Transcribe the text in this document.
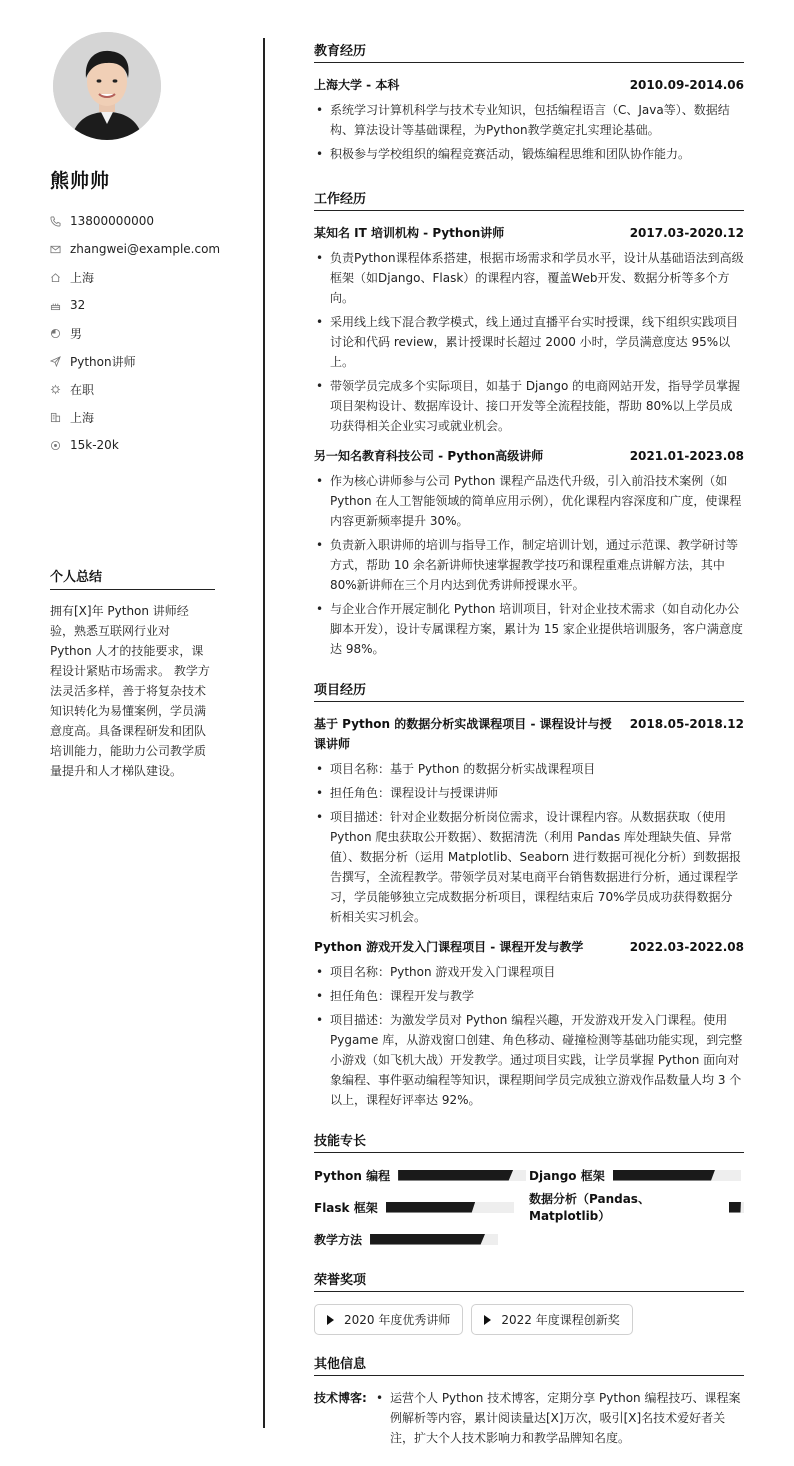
熊帅帅
13800000000
zhangwei@example.com
上海
32
男
Python讲师
在职
上海
15k-20k
个人总结
拥有[X]年 Python 讲师经验，熟悉互联网行业对 Python 人才的技能要求，课程设计紧贴市场需求。 教学方法灵活多样，善于将复杂技术知识转化为易懂案例，学员满意度高。具备课程研发和团队培训能力，能助力公司教学质量提升和人才梯队建设。
教育经历
上海大学 - 本科	2010.09-2014.06
• 系统学习计算机科学与技术专业知识，包括编程语言（C、Java等）、数据结构、算法设计等基础课程，为Python教学奠定扎实理论基础。
• 积极参与学校组织的编程竞赛活动，锻炼编程思维和团队协作能力。
工作经历
某知名 IT 培训机构 - Python讲师	2017.03-2020.12
• 负责Python课程体系搭建，根据市场需求和学员水平，设计从基础语法到高级框架（如Django、Flask）的课程内容，覆盖Web开发、数据分析等多个方向。
• 采用线上线下混合教学模式，线上通过直播平台实时授课，线下组织实践项目讨论和代码 review，累计授课时长超过 2000 小时，学员满意度达 95%以上。
• 带领学员完成多个实际项目，如基于 Django 的电商网站开发，指导学员掌握项目架构设计、数据库设计、接口开发等全流程技能，帮助 80%以上学员成功获得相关企业实习或就业机会。
另一知名教育科技公司 - Python高级讲师	2021.01-2023.08
• 作为核心讲师参与公司 Python 课程产品迭代升级，引入前沿技术案例（如 Python 在人工智能领域的简单应用示例），优化课程内容深度和广度，使课程内容更新频率提升 30%。
• 负责新入职讲师的培训与指导工作，制定培训计划，通过示范课、教学研讨等方式，帮助 10 余名新讲师快速掌握教学技巧和课程重难点讲解方法，其中 80%新讲师在三个月内达到优秀讲师授课水平。
• 与企业合作开展定制化 Python 培训项目，针对企业技术需求（如自动化办公脚本开发），设计专属课程方案，累计为 15 家企业提供培训服务，客户满意度达 98%。
项目经历
基于 Python 的数据分析实战课程项目 - 课程设计与授课讲师
2018.05-2018.12
• 项目名称：基于 Python 的数据分析实战课程项目
• 担任角色：课程设计与授课讲师
• 项目描述：针对企业数据分析岗位需求，设计课程内容。从数据获取（使用 Python 爬虫获取公开数据）、数据清洗（利用 Pandas 库处理缺失值、异常值）、数据分析（运用 Matplotlib、Seaborn 进行数据可视化分析）到数据报告撰写，全流程教学。带领学员对某电商平台销售数据进行分析，通过课程学习，学员能够独立完成数据分析项目，课程结束后 70%学员成功获得数据分析相关实习机会。
Python 游戏开发入门课程项目 - 课程开发与教学	2022.03-2022.08
• 项目名称：Python 游戏开发入门课程项目
• 担任角色：课程开发与教学
• 项目描述：为激发学员对 Python 编程兴趣，开发游戏开发入门课程。使用 Pygame 库，从游戏窗口创建、角色移动、碰撞检测等基础功能实现，到完整小游戏（如飞机大战）开发教学。通过项目实践，让学员掌握 Python 面向对象编程、事件驱动编程等知识，课程期间学员完成独立游戏作品数量人均 3 个以上，课程好评率达 92%。
技能专长
Python 编程	Django 框架
Flask 框架
数据分析（Pandas、Matplotlib）
教学方法
荣誉奖项
2020 年度优秀讲师	2022 年度课程创新奖
其他信息
技术博客:
•	运营个人 Python 技术博客，定期分享 Python 编程技巧、课程案例解析等内容，累计阅读量达[X]万次，吸引[X]名技术爱好者关注，扩大个人技术影响力和教学品牌知名度。
